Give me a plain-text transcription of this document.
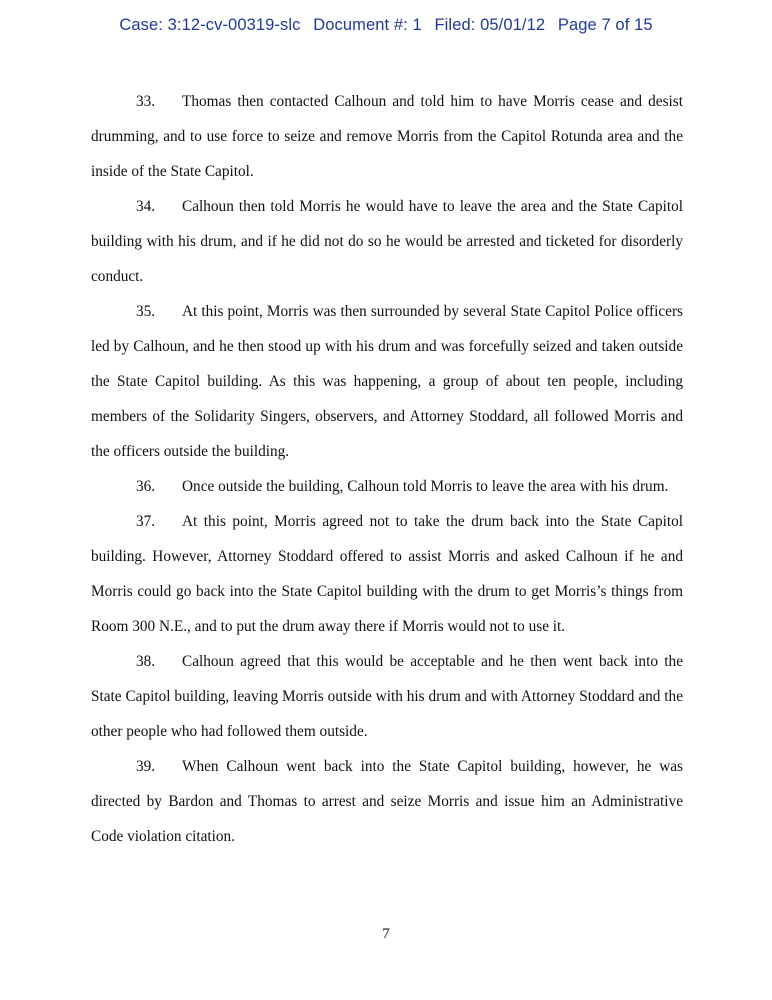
Case: 3:12-cv-00319-slc Document #: 1 Filed: 05/01/12 Page 7 of 15

33. Thomas then contacted Calhoun and told him to have Morris cease and desist drumming, and to use force to seize and remove Morris from the Capitol Rotunda area and the inside of the State Capitol.

34. Calhoun then told Morris he would have to leave the area and the State Capitol building with his drum, and if he did not do so he would be arrested and ticketed for disorderly conduct.

35. At this point, Morris was then surrounded by several State Capitol Police officers led by Calhoun, and he then stood up with his drum and was forcefully seized and taken outside the State Capitol building. As this was happening, a group of about ten people, including members of the Solidarity Singers, observers, and Attorney Stoddard, all followed Morris and the officers outside the building.

36. Once outside the building, Calhoun told Morris to leave the area with his drum.

37. At this point, Morris agreed not to take the drum back into the State Capitol building. However, Attorney Stoddard offered to assist Morris and asked Calhoun if he and Morris could go back into the State Capitol building with the drum to get Morris’s things from Room 300 N.E., and to put the drum away there if Morris would not to use it.

38. Calhoun agreed that this would be acceptable and he then went back into the State Capitol building, leaving Morris outside with his drum and with Attorney Stoddard and the other people who had followed them outside.

39. When Calhoun went back into the State Capitol building, however, he was directed by Bardon and Thomas to arrest and seize Morris and issue him an Administrative Code violation citation.

7
